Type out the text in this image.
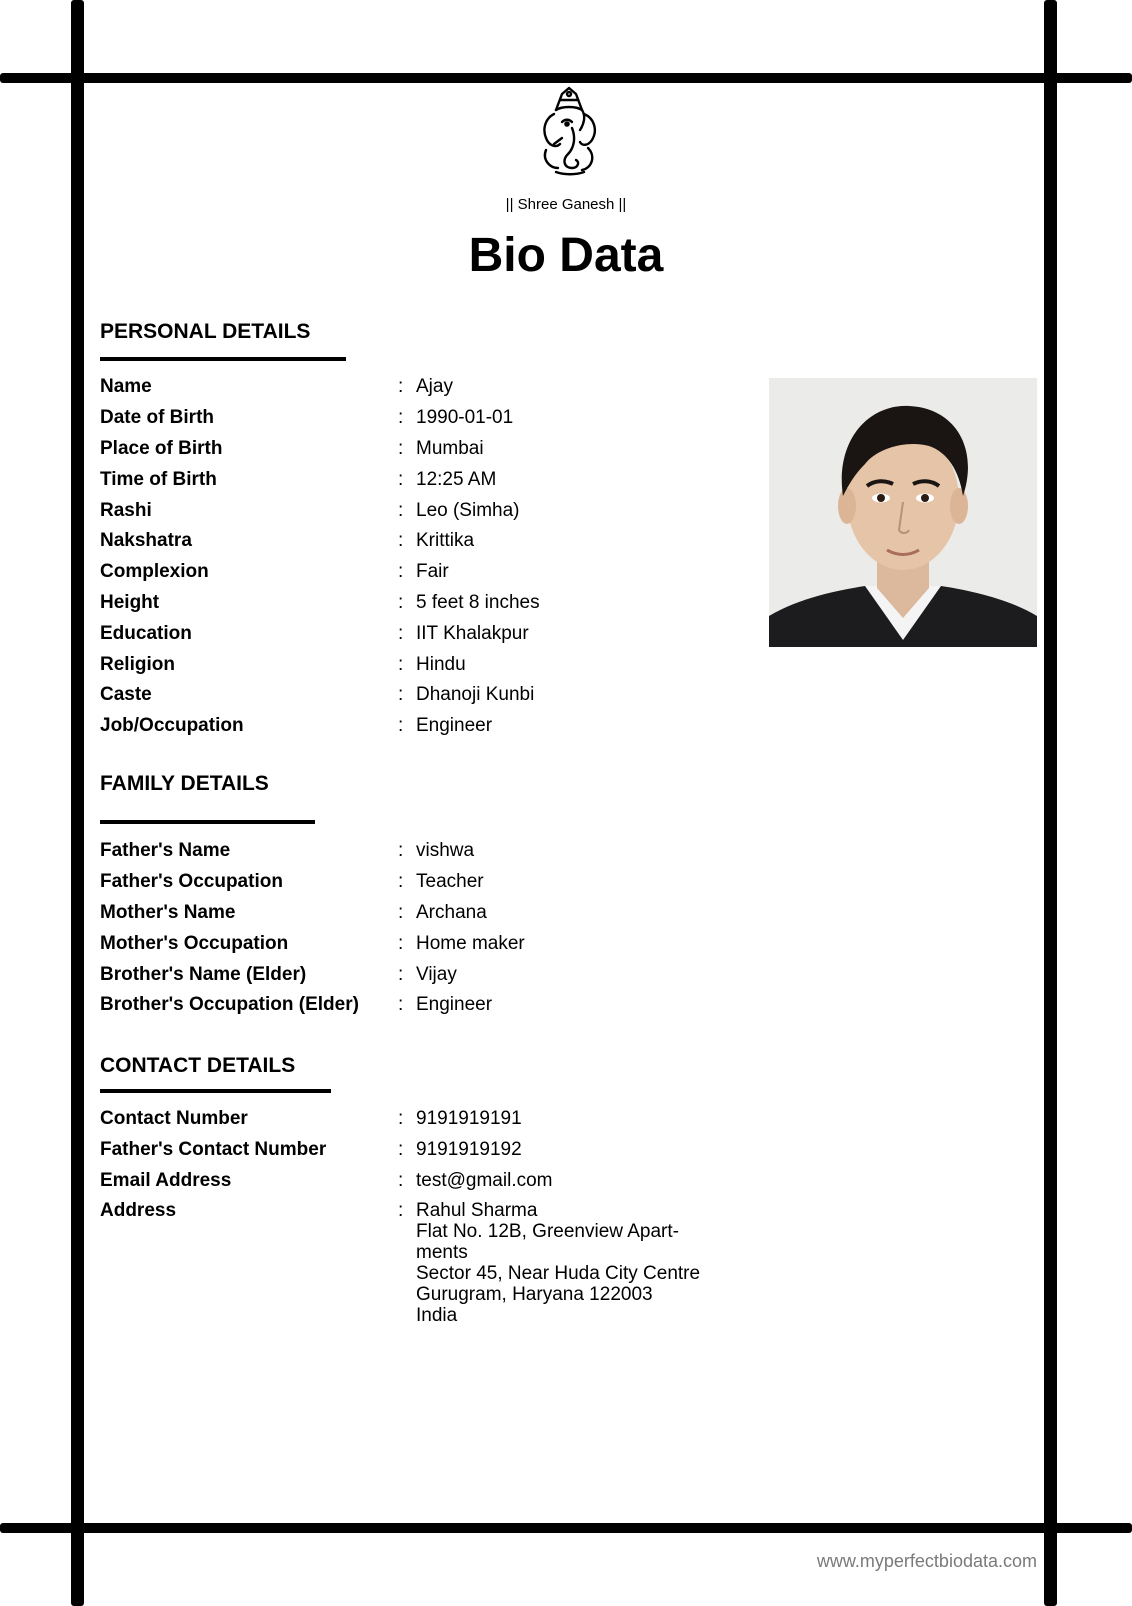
|| Shree Ganesh ||
Bio Data
PERSONAL DETAILS
Name	: Ajay
Date of Birth	: 1990-01-01
Place of Birth	: Mumbai
Time of Birth	: 12:25 AM
Rashi	: Leo (Simha)
Nakshatra	: Krittika
Complexion	: Fair
Height	: 5 feet 8 inches
Education	: IIT Khalakpur
Religion	: Hindu
Caste	: Dhanoji Kunbi
Job/Occupation	: Engineer
FAMILY DETAILS
Father's Name	: vishwa
Father's Occupation	: Teacher
Mother's Name	: Archana
Mother's Occupation	: Home maker
Brother's Name (Elder)	: Vijay
Brother's Occupation (Elder)	: Engineer
CONTACT DETAILS
Contact Number	: 9191919191
Father's Contact Number	: 9191919192
Email Address	: test@gmail.com
Address	: Rahul Sharma
Flat No. 12B, Greenview Apart-
ments
Sector 45, Near Huda City Centre
Gurugram, Haryana 122003
India
www.myperfectbiodata.com
